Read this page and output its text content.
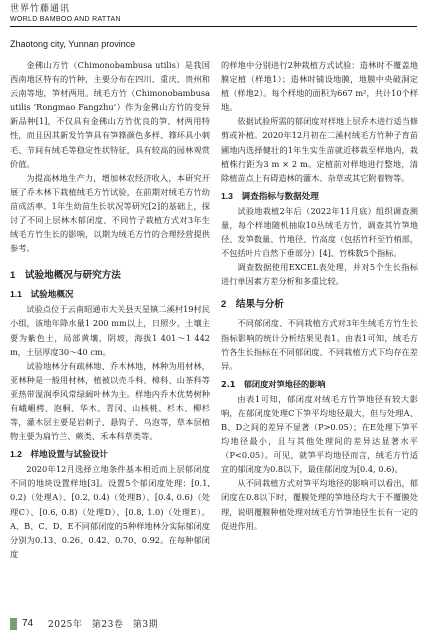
世界竹藤通讯
WORLD BAMBOO AND RATTAN
Zhaotong city, Yunnan province

金佛山方竹（Chimonobambusa utilis）是我国西南地区特有的竹种，主要分布在四川、重庆、贵州和云南等地，笋材两用。绒毛方竹（Chimonobambusa utilis ‘Rongmao Fangzhu’）作为金佛山方竹的变异新品种[1]，不仅具有金佛山方竹优良的笋、材两用特性，而且因其新发竹笋具有笋箨颜色多样、箨环具小刺毛、节间有绒毛等稳定性状特征，具有较高的园林观赏价值。

为提高林地生产力，增加林农经济收入，本研究开展了乔木林下栽植绒毛方竹试验，在前期对绒毛方竹幼苗成活率、1年生幼苗生长状况等研究[2]的基础上，探讨了不同上层林木郁闭度、不同竹子栽植方式对3年生绒毛方竹生长的影响，以期为绒毛方竹的合理经营提供参考。

1　试验地概况与研究方法
1.1　试验地概况

试验点位于云南昭通市大关县天星镇二溪村19村民小组，该地年降水量1 200 mm以上，日照少，土壤主要为紫色土，局部黄壤，阴坡，海拔1 401～1 442 m，土层厚度30～40 cm。

试验地林分有疏林地、乔木林地，林种为用材林，亚林种是一般用材林，植被以壳斗科、樟科、山茶科等亚热带湿润季风常绿阔叶林为主。样地内乔木优势树种有峨嵋栲、泡桐、华木、青冈、山核桃、杉木、柳杉等，灌木层主要是岩刺子、悬钩子、乌泡等，草本层植物主要为扁竹兰、蕨类、禾本科草类等。

1.2　样地设置与试验设计

2020年12月选择立地条件基本相近而上层郁闭度不同的地块设置样地[3]。设置5个郁闭度处理：[0.1, 0.2)（处理A）、[0.2, 0.4)（处理B）、[0.4, 0.6)（处理C）、[0.6, 0.8)（处理D）、[0.8, 1.0)（处理E）。A、B、C、D、E不同郁闭度的5种样地林分实际郁闭度分别为0.13、0.26、0.42、0.70、0.92。在每种郁闭度

的样地中分别进行2种栽植方式试验：造林时不覆盖地膜定植（样地1）；造林时铺设地膜，地膜中央破洞定植（样地2）。每个样地的面积为667 m²，共计10个样地。

依据试验所需的郁闭度对样地上层乔木进行适当修剪或补植。2020年12月初在二溪村绒毛方竹种子育苗圃地内选择健壮的1年生实生苗就近移栽至样地内，栽植株行距为3 m × 2 m。定植前对样地进行整地，清除植苗点上有碍造林的灌木、杂草或其它附着物等。

1.3　调查指标与数据处理

试验地栽植2年后（2022年11月底）组织调查测量，每个样地随机抽取10丛绒毛方竹，调查其竹笋地径、发笋数量、竹地径、竹高度（包括竹秆至竹梢部，不包括叶片自然下垂部分）[4]、竹株数5个指标。

调查数据使用EXCEL表处理，并对5个生长指标进行单因素方差分析和多重比较。

2　结果与分析

不同郁闭度、不同栽植方式对3年生绒毛方竹生长指标影响的统计分析结果见表1。由表1可知，绒毛方竹各生长指标在不同郁闭度、不同栽植方式下均存在差异。

2.1　郁闭度对笋地径的影响

由表1可知，郁闭度对绒毛方竹笋地径有较大影响，在郁闭度处理C下笋平均地径最大，但与处理A、B、D之间的差异不显著（P>0.05）；在E处理下笋平均地径最小，且与其他处理间的差异达显著水平（P<0.05）。可见，就笋平均地径而言，绒毛方竹适宜的郁闭度为0.8以下，最佳郁闭度为[0.4, 0.6)。

从不同栽植方式对笋平均地径的影响可以看出，郁闭度在0.8以下时，覆膜处理的笋地径均大于不覆膜处理，说明覆膜种植处理对绒毛方竹笋地径生长有一定的促进作用。

74 2025年　第23卷　第3期
